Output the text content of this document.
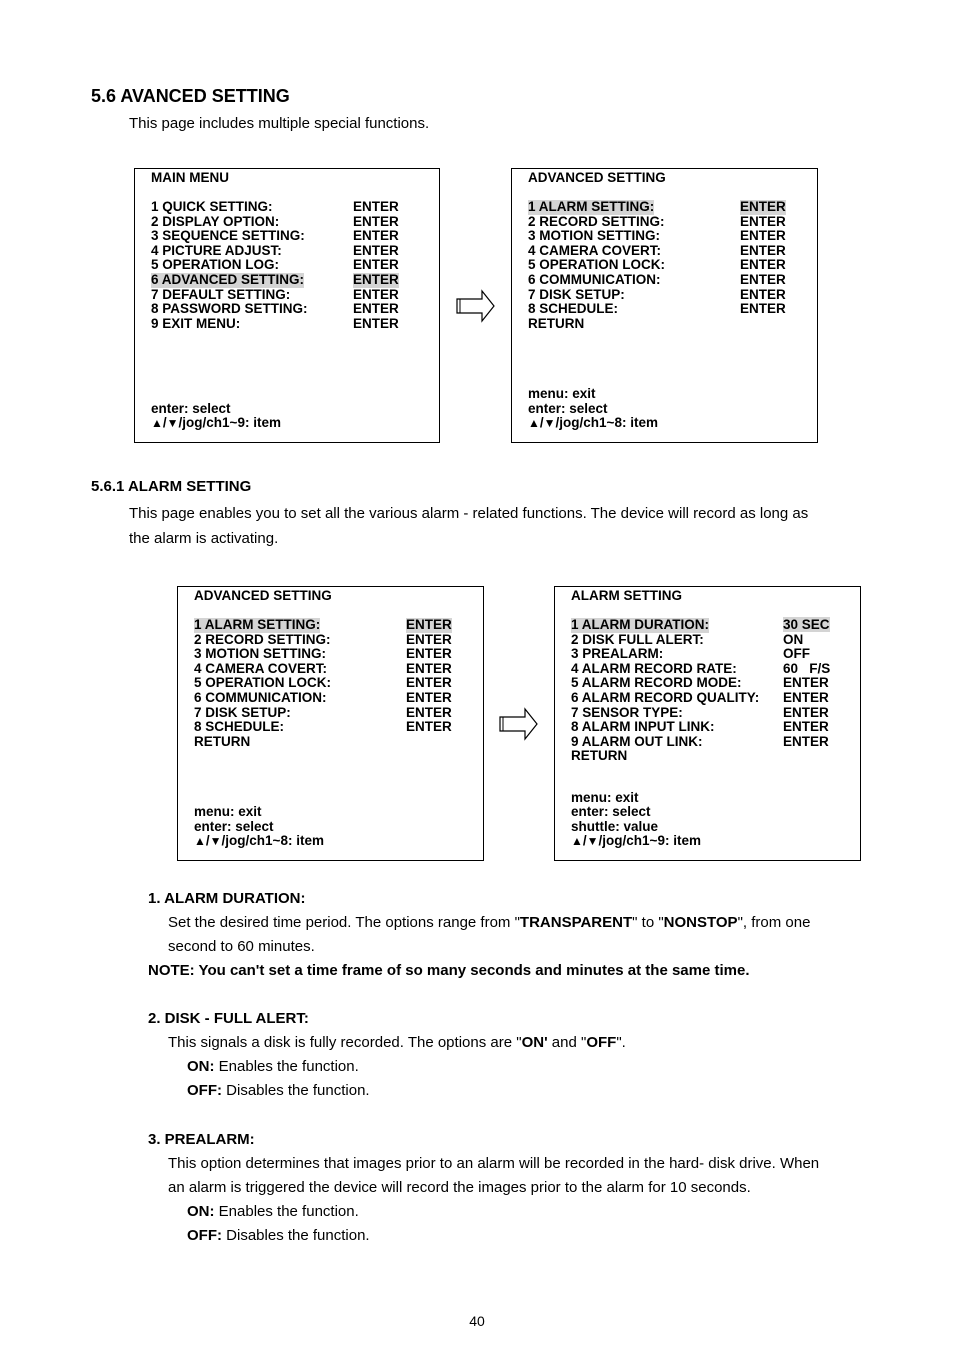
5.6 AVANCED SETTING
This page includes multiple special functions.
MAIN MENU
1 QUICK SETTING:	ENTER
2 DISPLAY OPTION:	ENTER
3 SEQUENCE SETTING:	ENTER
4 PICTURE ADJUST:	ENTER
5 OPERATION LOG:	ENTER
6 ADVANCED SETTING:	ENTER
7 DEFAULT SETTING:	ENTER
8 PASSWORD SETTING:	ENTER
9 EXIT MENU:	ENTER
enter: select
▲/▼/jog/ch1~9: item
ADVANCED SETTING
1 ALARM SETTING:	ENTER
2 RECORD SETTING:	ENTER
3 MOTION SETTING:	ENTER
4 CAMERA COVERT:	ENTER
5 OPERATION LOCK:	ENTER
6 COMMUNICATION:	ENTER
7 DISK SETUP:	ENTER
8 SCHEDULE:	ENTER
RETURN
menu: exit
enter: select
▲/▼/jog/ch1~8: item
5.6.1 ALARM SETTING
This page enables you to set all the various alarm - related functions. The device will record as long as
the alarm is activating.
ADVANCED SETTING
1 ALARM SETTING:	ENTER
2 RECORD SETTING:	ENTER
3 MOTION SETTING:	ENTER
4 CAMERA COVERT:	ENTER
5 OPERATION LOCK:	ENTER
6 COMMUNICATION:	ENTER
7 DISK SETUP:	ENTER
8 SCHEDULE:	ENTER
RETURN
menu: exit
enter: select
▲/▼/jog/ch1~8: item
ALARM SETTING
1 ALARM DURATION:	30 SEC
2 DISK FULL ALERT:	ON
3 PREALARM:	OFF
4 ALARM RECORD RATE:	60   F/S
5 ALARM RECORD MODE:	ENTER
6 ALARM RECORD QUALITY: ENTER
7 SENSOR TYPE:	ENTER
8 ALARM INPUT LINK:	ENTER
9 ALARM OUT LINK:	ENTER
RETURN
menu: exit
enter: select
shuttle: value
▲/▼/jog/ch1~9: item
1. ALARM DURATION:
Set the desired time period. The options range from "TRANSPARENT" to "NONSTOP", from one
second to 60 minutes.
NOTE: You can't set a time frame of so many seconds and minutes at the same time.
2. DISK - FULL ALERT:
This signals a disk is fully recorded. The options are "ON' and "OFF".
ON: Enables the function.
OFF: Disables the function.
3. PREALARM:
This option determines that images prior to an alarm will be recorded in the hard- disk drive. When
an alarm is triggered the device will record the images prior to the alarm for 10 seconds.
ON: Enables the function.
OFF: Disables the function.
40
